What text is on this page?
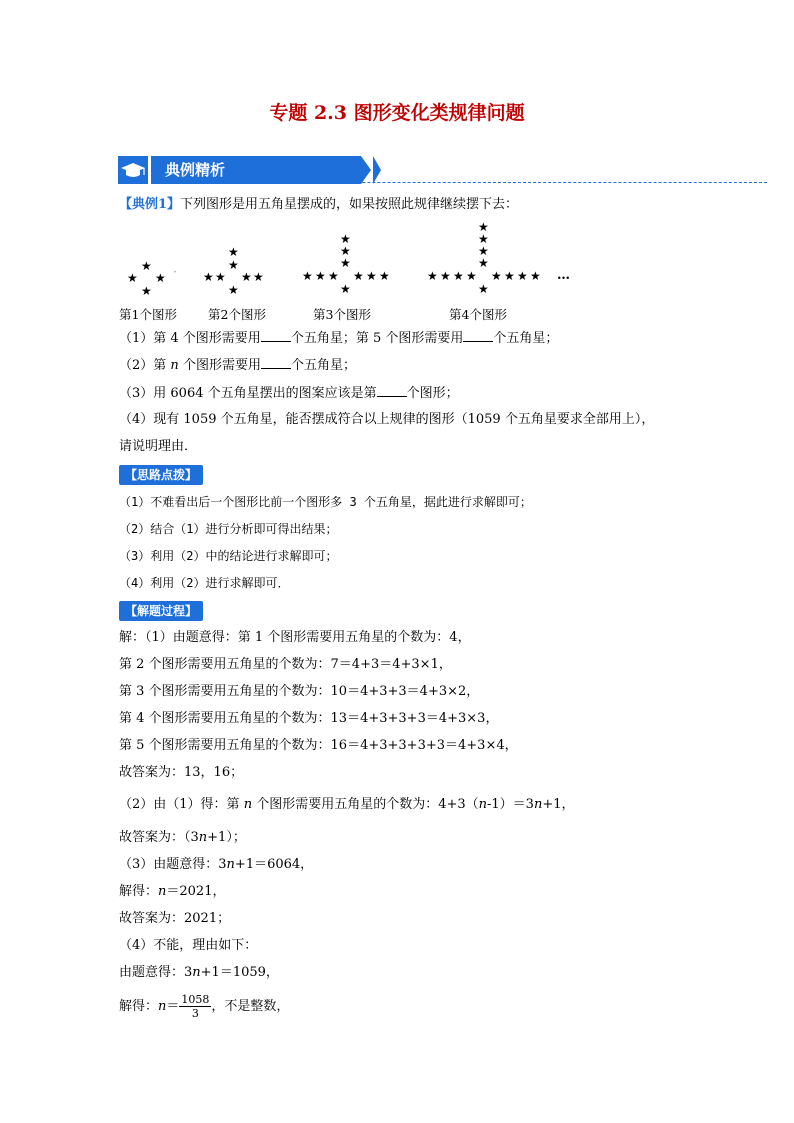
专题 2.3 图形变化类规律问题
典例精析
【典例1】下列图形是用五角星摆成的，如果按照此规律继续摆下去：
★
★
★
★
· ★ ★
★
★
★ ★
★
★ ★ ★
★
★
★
★ ★ ★
★
★ ★ ★ ★
★
★
★
★
★ ★ ★ ★
★
…
第1个图形 第2个图形	第3个图形	第4个图形
（1）第 4 个图形需要用 个五角星；第 5 个图形需要用 个五角星；
（2）第 n 个图形需要用 个五角星；
（3）用 6064 个五角星摆出的图案应该是第 个图形；
（4）现有 1059 个五角星，能否摆成符合以上规律的图形（1059 个五角星要求全部用上），
请说明理由．
【思路点拨】
（1）不难看出后一个图形比前一个图形多 3 个五角星，据此进行求解即可；
（2）结合（1）进行分析即可得出结果；
（3）利用（2）中的结论进行求解即可；
（4）利用（2）进行求解即可．
【解题过程】
解：（1）由题意得：第 1 个图形需要用五角星的个数为：4，
第 2 个图形需要用五角星的个数为：7＝4+3＝4+3×1，
第 3 个图形需要用五角星的个数为：10＝4+3+3＝4+3×2，
第 4 个图形需要用五角星的个数为：13＝4+3+3+3＝4+3×3，
第 5 个图形需要用五角星的个数为：16＝4+3+3+3+3＝4+3×4，
故答案为：13，16；
（2）由（1）得：第 n 个图形需要用五角星的个数为：4+3（n-1）＝3n+1，
故答案为：（3n+1）；
（3）由题意得：3n+1＝6064，
解得：n＝2021，
故答案为：2021；
（4）不能，理由如下：
由题意得：3n+1＝1059，
解得：$n= \frac{1058}{3}$ ，不是整数，
